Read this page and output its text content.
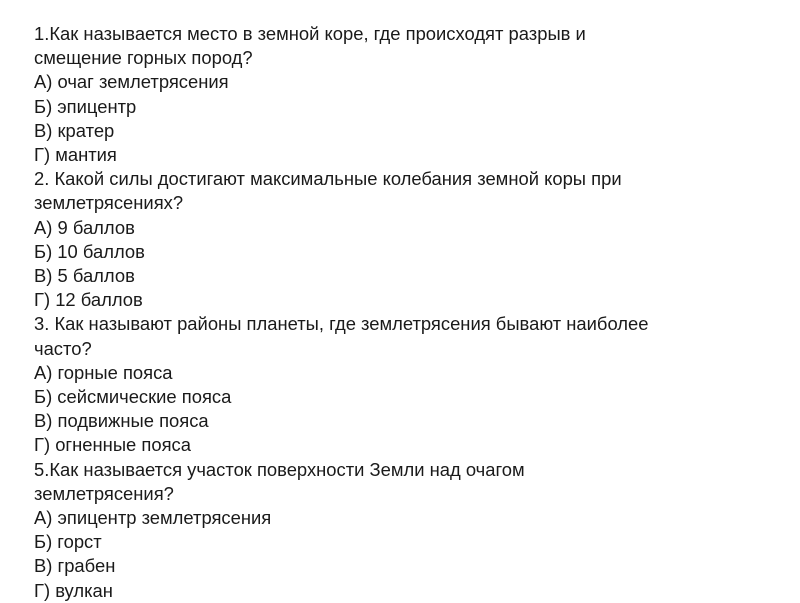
1.Как называется место в земной коре, где происходят разрыв и
смещение горных пород?
А) очаг землетрясения
Б) эпицентр
В) кратер
Г) мантия
2. Какой силы достигают максимальные колебания земной коры при
землетрясениях?
А) 9 баллов
Б) 10 баллов
В) 5 баллов
Г) 12 баллов
3. Как называют районы планеты, где землетрясения бывают наиболее
часто?
А) горные пояса
Б) сейсмические пояса
В) подвижные пояса
Г) огненные пояса
5.Как называется участок поверхности Земли над очагом
землетрясения?
А) эпицентр землетрясения
Б) горст
В) грабен
Г) вулкан
